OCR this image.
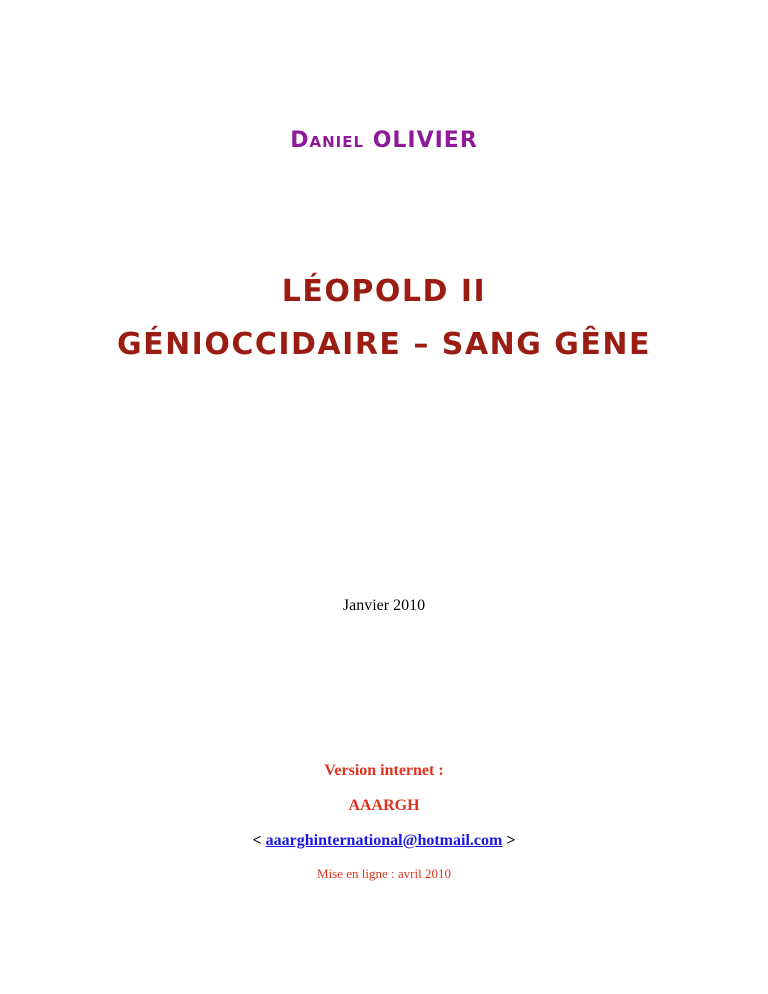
Daniel OLIVIER
LÉOPOLD II
GÉNIOCCIDAIRE – SANG GÊNE
Janvier 2010
Version internet :
AAARGH
< aaarghinternational@hotmail.com >
Mise en ligne : avril 2010
